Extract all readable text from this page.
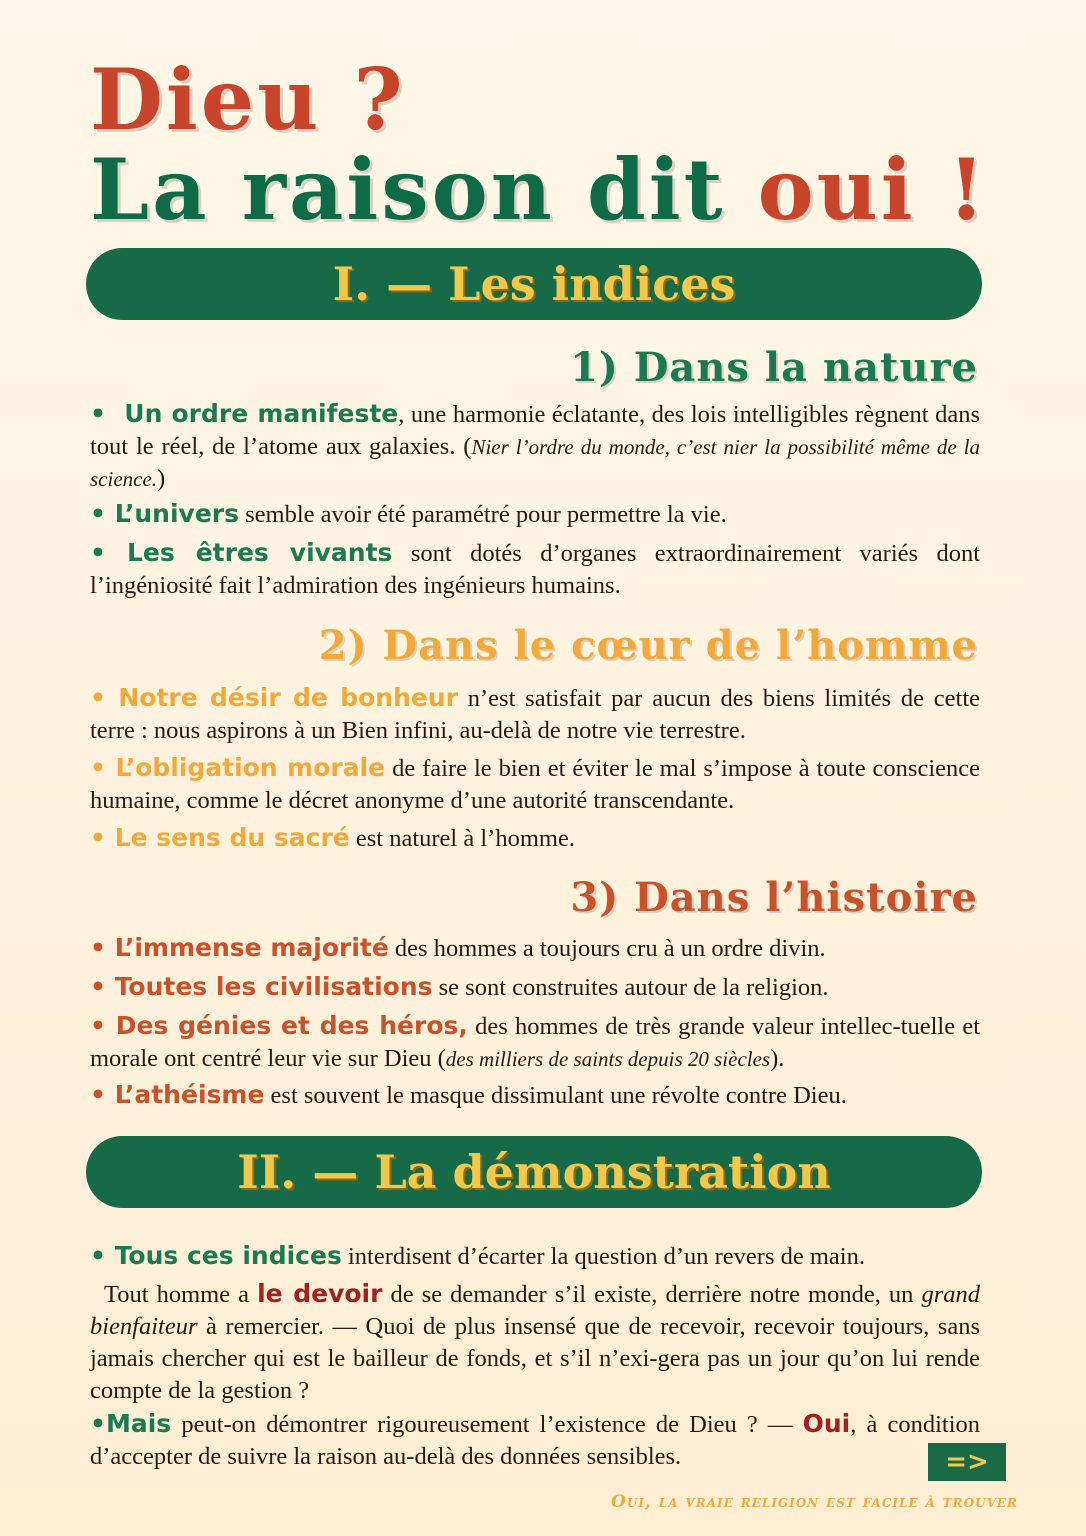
Dieu ?
La raison dit oui !
I. — Les indices
1) Dans la nature

•  Un ordre manifeste, une harmonie éclatante, des lois intelligibles règnent dans tout le réel, de l’atome aux galaxies. (Nier l’ordre du monde, c’est nier la possibilité même de la science.)

• L’univers semble avoir été paramétré pour permettre la vie.

• Les êtres vivants sont dotés d’organes extraordinairement variés dont l’ingéniosité fait l’admiration des ingénieurs humains.

2) Dans le cœur de l’homme

• Notre désir de bonheur n’est satisfait par aucun des biens limités de cette terre : nous aspirons à un Bien infini, au-delà de notre vie terrestre.

• L’obligation morale de faire le bien et éviter le mal s’impose à toute conscience humaine, comme le décret anonyme d’une autorité transcendante.

• Le sens du sacré est naturel à l’homme.

3) Dans l’histoire

• L’immense majorité des hommes a toujours cru à un ordre divin.

• Toutes les civilisations se sont construites autour de la religion.

• Des génies et des héros, des hommes de très grande valeur intellec-tuelle et morale ont centré leur vie sur Dieu (des milliers de saints depuis 20 siècles).

• L’athéisme est souvent le masque dissimulant une révolte contre Dieu.

II. — La démonstration

• Tous ces indices interdisent d’écarter la question d’un revers de main.

Tout homme a le devoir de se demander s’il existe, derrière notre monde, un grand bienfaiteur à remercier. — Quoi de plus insensé que de recevoir, recevoir toujours, sans jamais chercher qui est le bailleur de fonds, et s’il n’exi-gera pas un jour qu’on lui rende compte de la gestion ?

•Mais peut-on démontrer rigoureusement l’existence de Dieu ? — Oui, à condition d’accepter de suivre la raison au-delà des données sensibles.	=>

Oui, la vraie religion est facile à trouver
